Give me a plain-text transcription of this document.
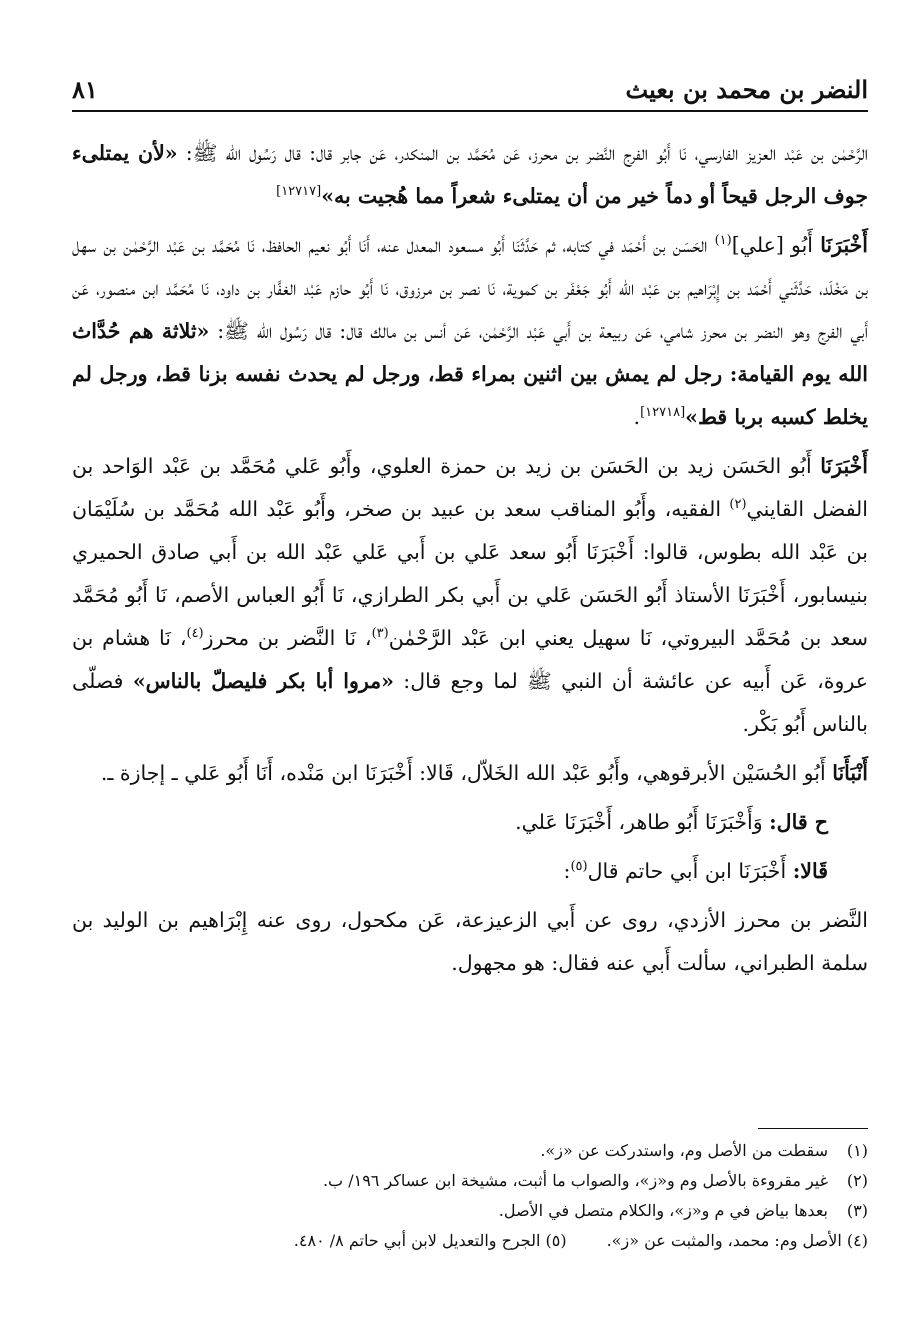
النضر بن محمد بن بعيث
٨١

الرَّحْمٰن بن عَبْد العزيز الفارسي، نَا أَبُو الفرج النَّضر بن محرز، عَن مُحَمَّد بن المنكدر، عَن جابر قال: قال رَسُول الله ﷺ: «لأن يمتلىء جوف الرجل قيحاً أو دماً خير من أن يمتلىء شعراً مما هُجيت به»[١٢٧١٧]

أَخْبَرَنَا أَبُو [علي]$^{(١)}$ الحَسَن بن أَحْمَد في كتابه، ثم حَدَّثَنَا أَبُو مسعود المعدل عنه، أَنَا أَبُو نعيم الحافظ، نَا مُحَمَّد بن عَبْد الرَّحْمٰن بن سهل بن مَخْلَد، حَدَّثَني أَحْمَد بن إِبْرَاهيم بن عَبْد الله أَبُو جَعْفَر بن كموية، نَا نصر بن مرزوق، نَا أَبُو حازم عَبْد الغفَّار بن داود، نَا مُحَمَّد ابن منصور، عَن أَبي الفرج وهو النضر بن محرز شامي، عَن ربيعة بن أَبي عَبْد الرَّحْمٰن، عَن أنس بن مالك قال: قال رَسُول الله ﷺ: «ثلاثة هم حُدَّاث الله يوم القيامة: رجل لم يمش بين اثنين بمراء قط، ورجل لم يحدث نفسه بزنا قط، ورجل لم يخلط كسبه بربا قط»[١٢٧١٨].

أَخْبَرَنَا أَبُو الحَسَن زيد بن الحَسَن بن زيد بن حمزة العلوي، وأَبُو عَلي مُحَمَّد بن عَبْد الوَاحد بن الفضل القايني$^{(٢)}$ الفقيه، وأَبُو المناقب سعد بن عبيد بن صخر، وأَبُو عَبْد الله مُحَمَّد بن سُلَيْمَان بن عَبْد الله بطوس، قالوا: أَخْبَرَنَا أَبُو سعد عَلي بن أَبي عَلي عَبْد الله بن أَبي صادق الحميري بنيسابور، أَخْبَرَنَا الأستاذ أَبُو الحَسَن عَلي بن أَبي بكر الطرازي، نَا أَبُو العباس الأصم، نَا أَبُو مُحَمَّد سعد بن مُحَمَّد البيروتي، نَا سهيل يعني ابن عَبْد الرَّحْمٰن$^{(٣)}$، نَا النَّضر بن محرز$^{(٤)}$، نَا هشام بن عروة، عَن أَبيه عن عائشة أن النبي ﷺ لما وجع قال: «مروا أبا بكر فليصلّ بالناس» فصلّى بالناس أَبُو بَكْر.

أَنْبَأَنَا أَبُو الحُسَيْن الأبرقوهي، وأَبُو عَبْد الله الخَلاّل، قَالا: أَخْبَرَنَا ابن مَنْده، أَنَا أَبُو عَلي ـ إجازة ـ.

ح قال: وَأَخْبَرَنَا أَبُو طاهر، أَخْبَرَنَا عَلي.

قَالا: أَخْبَرَنَا ابن أَبي حاتم قال$^{(٥)}$:

النَّضر بن محرز الأزدي، روى عن أَبي الزعيزعة، عَن مكحول، روى عنه إِبْرَاهيم بن الوليد بن سلمة الطبراني، سألت أَبي عنه فقال: هو مجهول.

(١)
سقطت من الأصل وم، واستدركت عن «ز».
(٢)
غير مقروءة بالأصل وم و«ز»، والصواب ما أثبت، مشيخة ابن عساكر ١٩٦/ ب.
(٣)
بعدها بياض في م و«ز»، والكلام متصل في الأصل.
(٤) الأصل وم: محمد، والمثبت عن «ز».
(٥) الجرح والتعديل لابن أبي حاتم ٨/ ٤٨٠.
